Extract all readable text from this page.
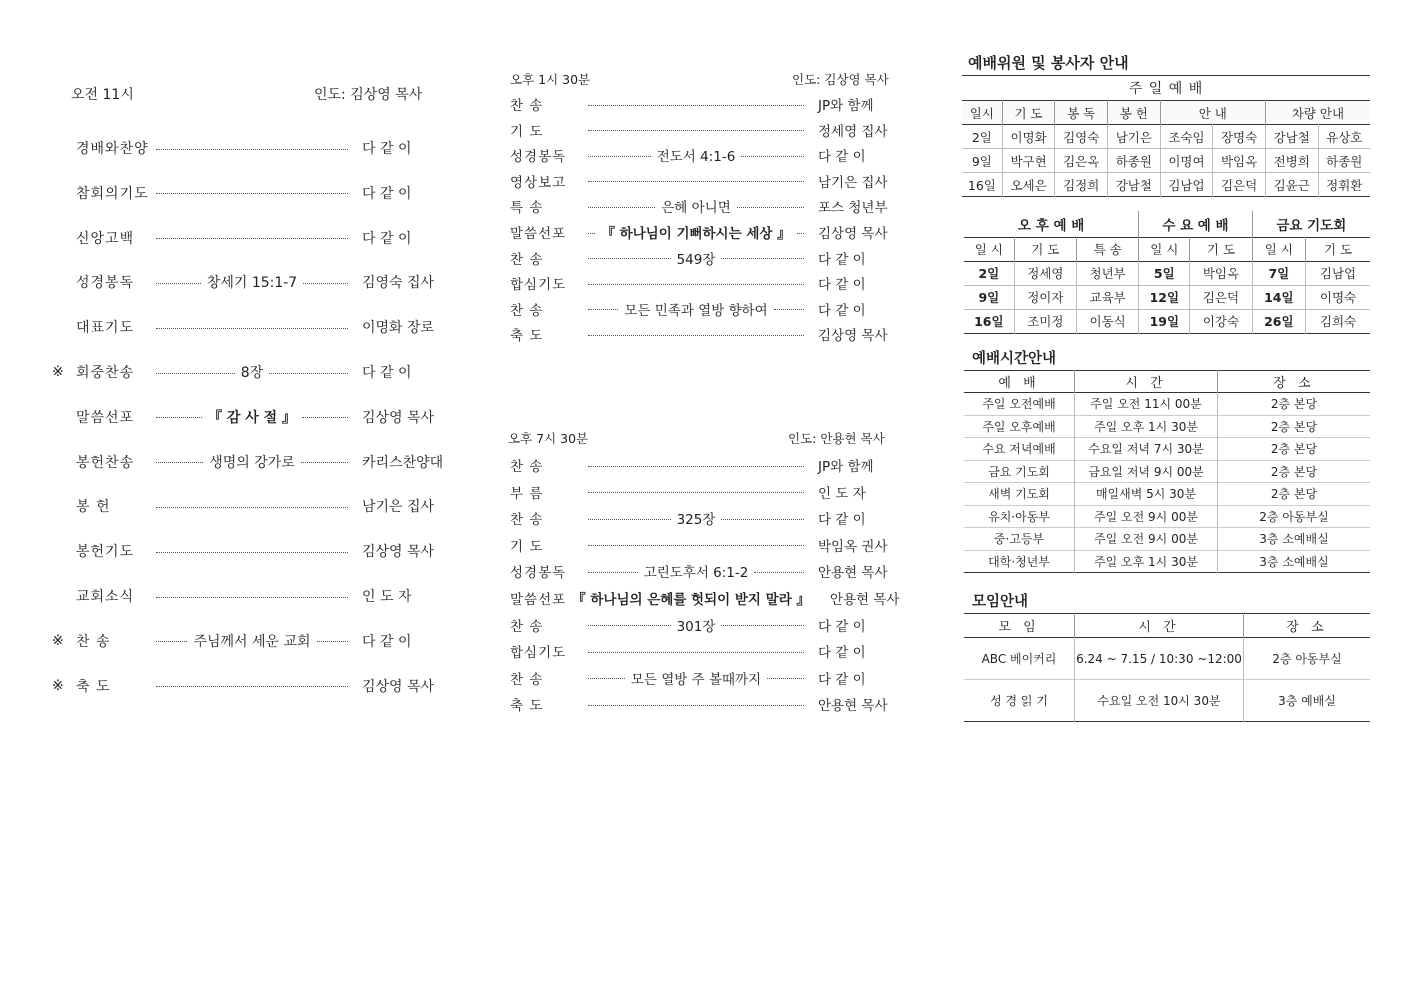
오전 11시	인도: 김상영 목사
경배와찬양	다 같 이
참회의기도	다 같 이
신앙고백	다 같 이
성경봉독	창세기 15:1-7	김영숙 집사
대표기도	이명화 장로
※ 회중찬송	8장	다 같 이
말씀선포	『 감 사 절 』	김상영 목사
봉헌찬송	생명의 강가로	카리스찬양대
봉 헌	남기은 집사
봉헌기도	김상영 목사
교회소식	인 도 자
※ 찬 송	주님께서 세운 교회	다 같 이
※ 축 도	김상영 목사
오후 1시 30분	인도: 김상영 목사
찬 송	JP와 함께
기 도	정세영 집사
성경봉독	전도서 4:1-6	다 같 이
영상보고	남기은 집사
특 송	은혜 아니면	포스 청년부
말씀선포	『 하나님이 기뻐하시는 세상 』	김상영 목사
찬 송	549장	다 같 이
합심기도	다 같 이
찬 송	모든 민족과 열방 향하여	다 같 이
축 도	김상영 목사
오후 7시 30분	인도: 안용현 목사
찬 송	JP와 함께
부 름	인 도 자
찬 송	325장	다 같 이
기 도	박임옥 권사
성경봉독	고린도후서 6:1-2	안용현 목사
말씀선포 『 하나님의 은혜를 헛되이 받지 말라 』	안용현 목사
찬 송	301장	다 같 이
합심기도	다 같 이
찬 송	모든 열방 주 볼때까지	다 같 이
축 도	안용현 목사
예배위원 및 봉사자 안내
주 일 예 배							
일시	기 도	봉 독	봉 헌	안 내		차량 안내	
2일	이명화	김영숙	남기은	조숙임	장명숙	강남철	유상호
9일	박구현	김은옥	하종원	이명여	박임옥	전병희	하종원
16일	오세은	김정희	강남철	김남업	김은덕	김윤근	정휘환
오 후 예 배			수 요 예 배		금요 기도회	
일 시	기 도	특 송	일 시	기 도	일 시	기 도
2일	정세영	청년부	5일	박임옥	7일	김남업
9일	정이자	교육부	12일	김은덕	14일	이명숙
16일	조미정	이동식	19일	이강숙	26일	김희숙
예배시간안내
예 배	시 간	장 소
주일 오전예배	주일 오전 11시 00분	2층 본당
주일 오후예배	주일 오후 1시 30분	2층 본당
수요 저녁예배	수요일 저녁 7시 30분	2층 본당
금요 기도회	금요일 저녁 9시 00분	2층 본당
새벽 기도회	매일새벽 5시 30분	2층 본당
유치·아동부	주일 오전 9시 00분	2층 아동부실
중·고등부	주일 오전 9시 00분	3층 소예배실
대학·청년부	주일 오후 1시 30분	3층 소예배실
모임안내
모 임	시 간	장 소
ABC 베이커리	6.24 ~ 7.15 / 10:30 ~12:00	2층 아동부실
성 경 읽 기	수요일 오전 10시 30분	3층 예배실
